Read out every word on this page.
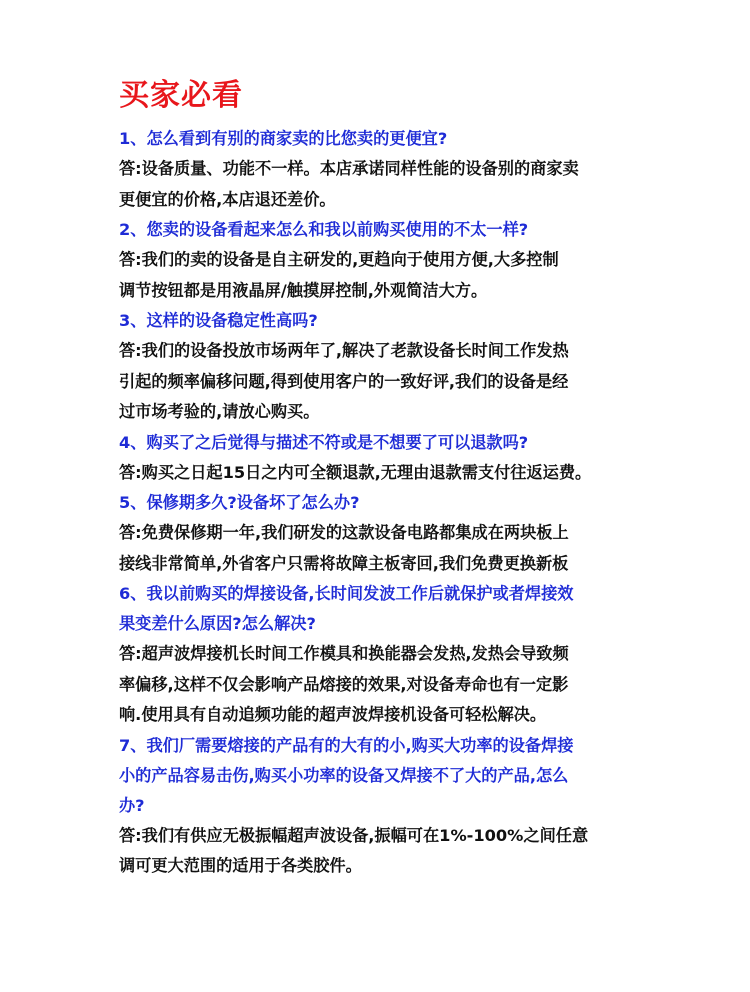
买家必看

1、怎么看到有别的商家卖的比您卖的更便宜?

答:设备质量、功能不一样。本店承诺同样性能的设备别的商家卖
更便宜的价格,本店退还差价。

2、您卖的设备看起来怎么和我以前购买使用的不太一样?

答:我们的卖的设备是自主研发的,更趋向于使用方便,大多控制
调节按钮都是用液晶屏/触摸屏控制,外观简洁大方。

3、这样的设备稳定性高吗?

答:我们的设备投放市场两年了,解决了老款设备长时间工作发热
引起的频率偏移问题,得到使用客户的一致好评,我们的设备是经
过市场考验的,请放心购买。

4、购买了之后觉得与描述不符或是不想要了可以退款吗?

答:购买之日起15日之内可全额退款,无理由退款需支付往返运费。

5、保修期多久?设备坏了怎么办?

答:免费保修期一年,我们研发的这款设备电路都集成在两块板上
接线非常简单,外省客户只需将故障主板寄回,我们免费更换新板

6、我以前购买的焊接设备,长时间发波工作后就保护或者焊接效
果变差什么原因?怎么解决?

答:超声波焊接机长时间工作模具和换能器会发热,发热会导致频
率偏移,这样不仅会影响产品熔接的效果,对设备寿命也有一定影
响.使用具有自动追频功能的超声波焊接机设备可轻松解决。

7、我们厂需要熔接的产品有的大有的小,购买大功率的设备焊接
小的产品容易击伤,购买小功率的设备又焊接不了大的产品,怎么
办?

答:我们有供应无极振幅超声波设备,振幅可在1%-100%之间任意
调可更大范围的适用于各类胶件。
